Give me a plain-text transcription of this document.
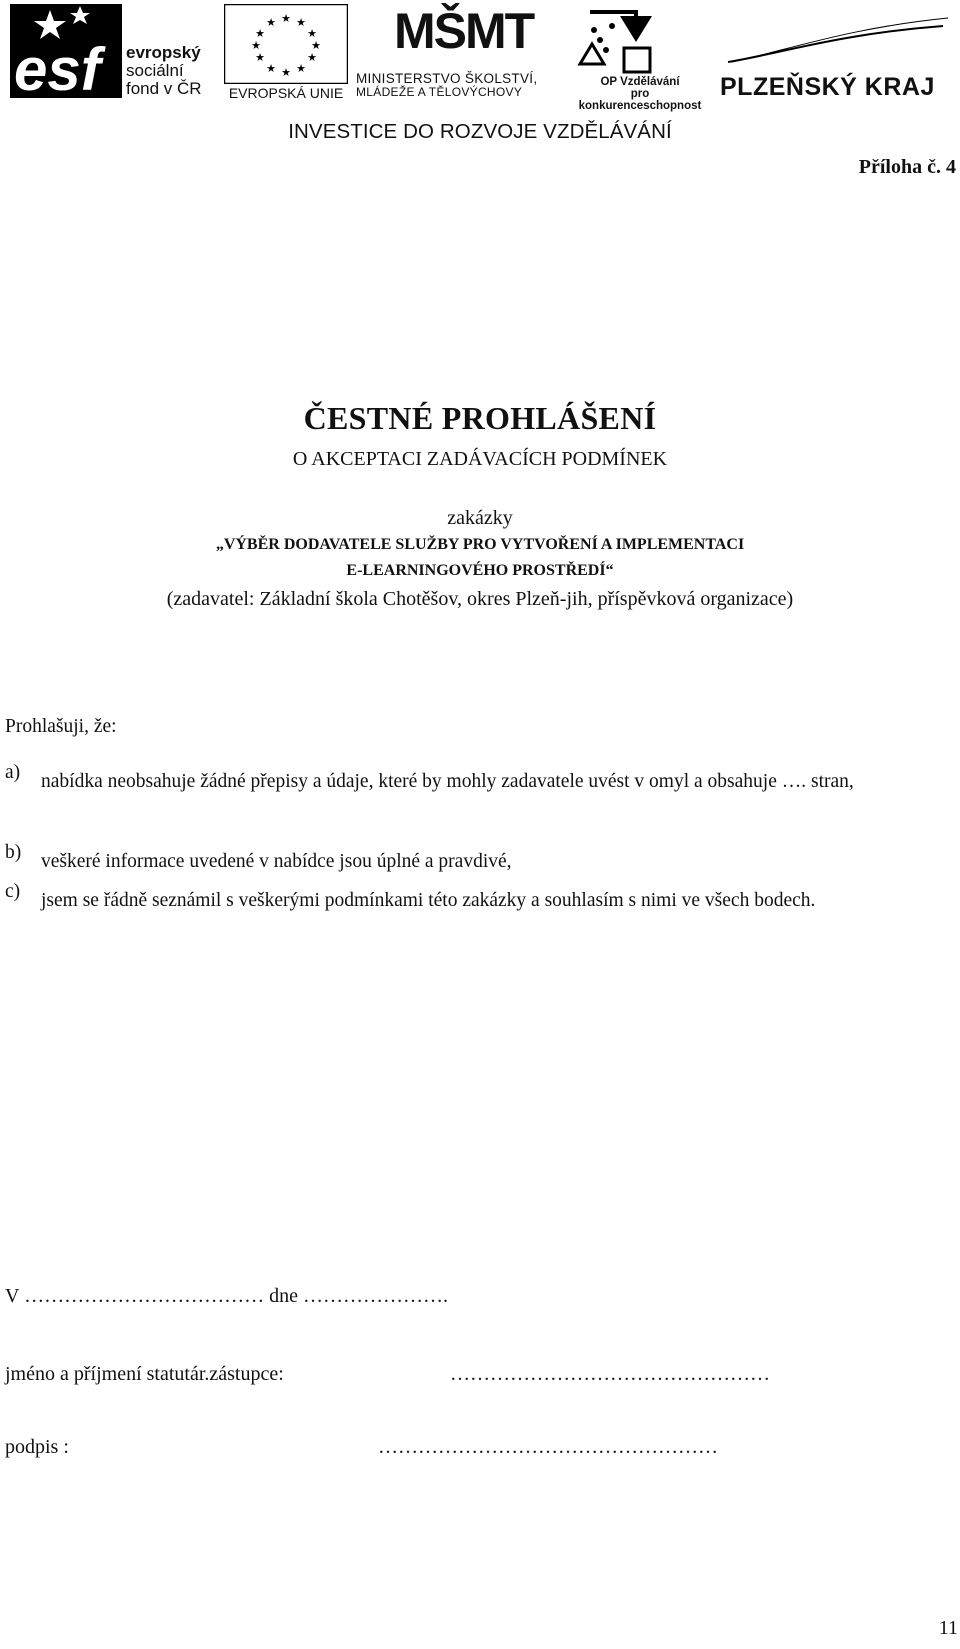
esf evropský
sociální
fond v ČR
★ ★
★
★
★
★
★
★
★
★
★
★
EVROPSKÁ UNIE
MŠMT
MINISTERSTVO ŠKOLSTVÍ,
MLÁDEŽE A TĚLOVÝCHOVY
OP Vzdělávání
pro konkurenceschopnost
PLZEŇSKÝ KRAJ
INVESTICE DO ROZVOJE VZDĚLÁVÁNÍ
Příloha č. 4
ČESTNÉ PROHLÁŠENÍ
O AKCEPTACI ZADÁVACÍCH PODMÍNEK
zakázky
„VÝBĚR DODAVATELE SLUŽBY PRO VYTVOŘENÍ A IMPLEMENTACI
E-LEARNINGOVÉHO PROSTŘEDÍ“
(zadavatel: Základní škola Chotěšov, okres Plzeň-jih, příspěvková organizace)
Prohlašuji, že:
a) nabídka neobsahuje žádné přepisy a údaje, které by mohly zadavatele uvést v omyl a obsahuje …. stran,
b) veškeré informace uvedené v nabídce jsou úplné a pravdivé,
c) jsem se řádně seznámil s veškerými podmínkami této zakázky a souhlasím s nimi ve všech bodech.
V ……………………………… dne ………………….
jméno a příjmení statutár.zástupce:	…………………………………………
podpis :	……………………………………………
11
